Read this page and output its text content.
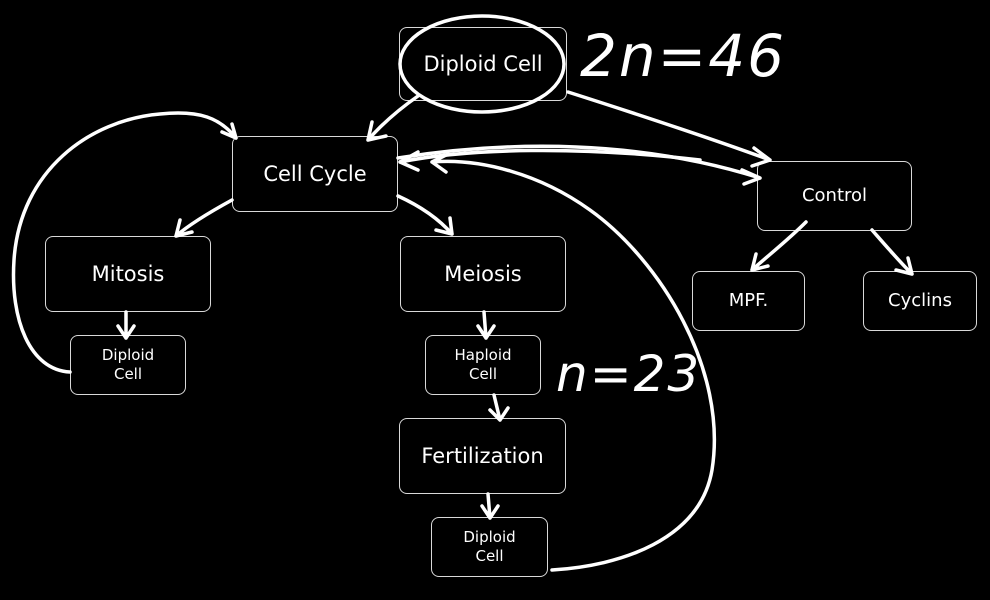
Diploid Cell
Cell Cycle
Control
Mitosis	Meiosis
MPF.	Cyclins
Diploid
Cell
Haploid
Cell
Fertilization
Diploid
Cell
2n=46
n=23
